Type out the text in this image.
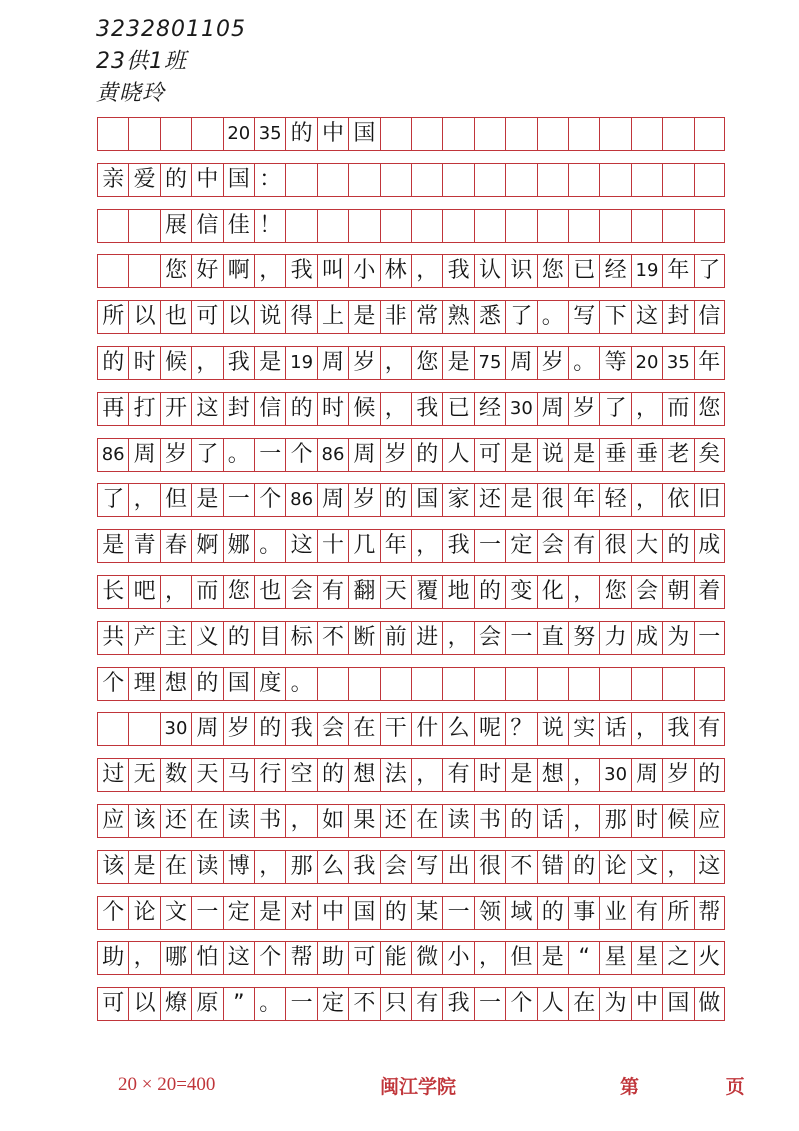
3232801105
23供1班
黄晓玲
20 35 的 中 国
亲 爱 的 中 国 ：
展 信 佳 ！
您 好 啊 ， 我 叫 小 林 ， 我 认 识 您 已 经 19 年 了
所 以 也 可 以 说 得 上 是 非 常 熟 悉 了 。 写 下 这 封 信
的 时 候 ， 我 是 19 周 岁 ， 您 是 75 周 岁 。 等 20 35 年
再 打 开 这 封 信 的 时 候 ， 我 已 经 30 周 岁 了 ， 而 您
86 周 岁 了 。 一 个 86 周 岁 的 人 可 是 说 是 垂 垂 老 矣
了 ， 但 是 一 个 86 周 岁 的 国 家 还 是 很 年 轻 ， 依 旧
是 青 春 婀 娜 。 这 十 几 年 ， 我 一 定 会 有 很 大 的 成
长 吧 ， 而 您 也 会 有 翻 天 覆 地 的 变 化 ， 您 会 朝 着
共 产 主 义 的 目 标 不 断 前 进 ， 会 一 直 努 力 成 为 一
个 理 想 的 国 度 。
30 周 岁 的 我 会 在 干 什 么 呢 ？ 说 实 话 ， 我 有
过 无 数 天 马 行 空 的 想 法 ， 有 时 是 想 ， 30 周 岁 的
应 该 还 在 读 书 ， 如 果 还 在 读 书 的 话 ， 那 时 候 应
该 是 在 读 博 ， 那 么 我 会 写 出 很 不 错 的 论 文 ， 这
个 论 文 一 定 是 对 中 国 的 某 一 领 域 的 事 业 有 所 帮
助 ， 哪 怕 这 个 帮 助 可 能 微 小 ， 但 是 “ 星 星 之 火
可 以 燎 原 ” 。 一 定 不 只 有 我 一 个 人 在 为 中 国 做
20 × 20=400	闽江学院	第 页
